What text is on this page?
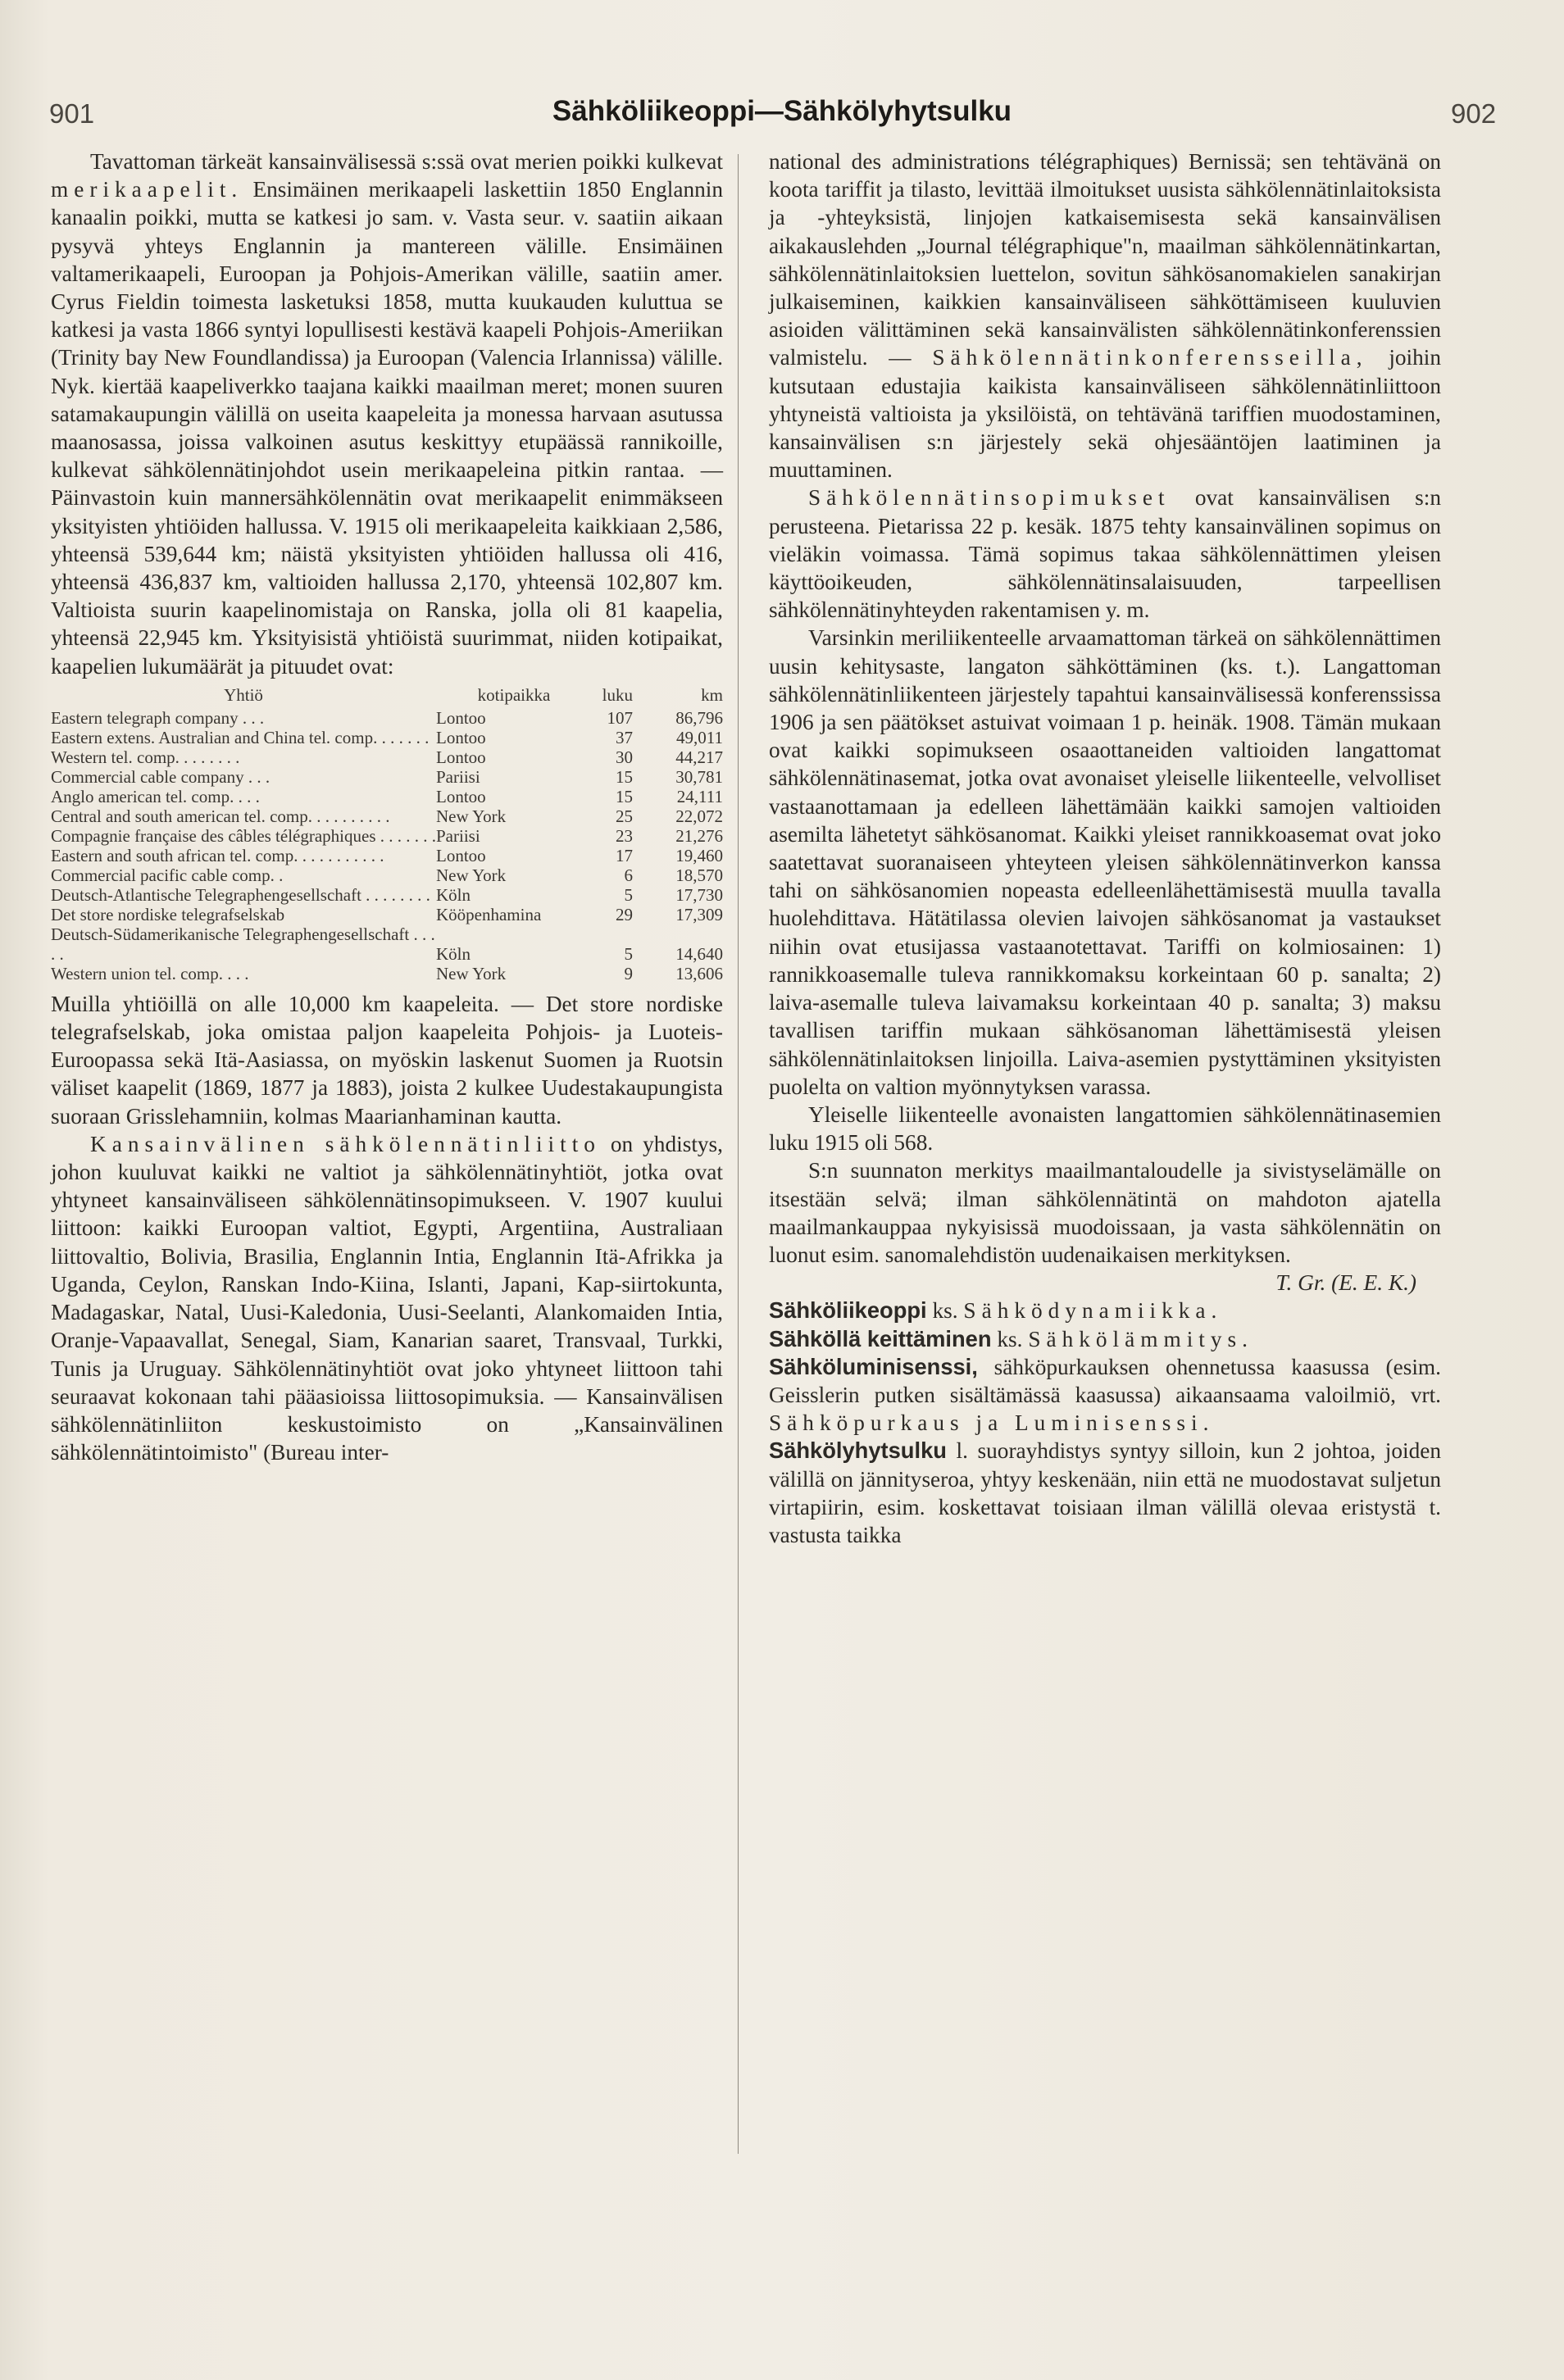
901	Sähköliikeoppi—Sähkölyhytsulku	902

Tavattoman tärkeät kansainvälisessä s:ssä ovat merien poikki kulkevat merikaapelit. Ensimäinen merikaapeli laskettiin 1850 Englannin kanaalin poikki, mutta se katkesi jo sam. v. Vasta seur. v. saatiin aikaan pysyvä yhteys Englannin ja mantereen välille. Ensimäinen valtamerikaapeli, Euroopan ja Pohjois-Amerikan välille, saatiin amer. Cyrus Fieldin toimesta lasketuksi 1858, mutta kuukauden kuluttua se katkesi ja vasta 1866 syntyi lopullisesti kestävä kaapeli Pohjois-Ameriikan (Trinity bay New Foundlandissa) ja Euroopan (Valencia Irlannissa) välille. Nyk. kiertää kaapeliverkko taajana kaikki maailman meret; monen suuren satamakaupungin välillä on useita kaapeleita ja monessa harvaan asutussa maanosassa, joissa valkoinen asutus keskittyy etupäässä rannikoille, kulkevat sähkölennätinjohdot usein merikaapeleina pitkin rantaa. — Päinvastoin kuin mannersähkölennätin ovat merikaapelit enimmäkseen yksityisten yhtiöiden hallussa. V. 1915 oli merikaapeleita kaikkiaan 2,586, yhteensä 539,644 km; näistä yksityisten yhtiöiden hallussa oli 416, yhteensä 436,837 km, valtioiden hallussa 2,170, yhteensä 102,807 km. Valtioista suurin kaapelinomistaja on Ranska, jolla oli 81 kaapelia, yhteensä 22,945 km. Yksityisistä yhtiöistä suurimmat, niiden kotipaikat, kaapelien lukumäärät ja pituudet ovat:

Yhtiö	kotipaikka	luku	km
Eastern telegraph company . . .	Lontoo	107	86,796
Eastern extens. Australian and China tel. comp. . . . . . .	Lontoo	37	49,011
Western tel. comp. . . . . . . .	Lontoo	30	44,217
Commercial cable company . . .	Pariisi	15	30,781
Anglo american tel. comp. . . .	Lontoo	15	24,111
Central and south american tel. comp. . . . . . . . . .	New York	25	22,072
Compagnie française des câbles télégraphiques . . . . . . .	Pariisi	23	21,276
Eastern and south african tel. comp. . . . . . . . . . .	Lontoo	17	19,460
Commercial pacific cable comp. .	New York	6	18,570
Deutsch-Atlantische Telegraphengesellschaft . . . . . . . .	Köln	5	17,730
Det store nordiske telegrafselskab	Kööpenhamina	29	17,309
Deutsch-Südamerikanische Telegraphengesellschaft . . . . .	Köln	5	14,640
Western union tel. comp. . . .	New York	9	13,606

Muilla yhtiöillä on alle 10,000 km kaapeleita. — Det store nordiske telegrafselskab, joka omistaa paljon kaapeleita Pohjois- ja Luoteis-Euroopassa sekä Itä-Aasiassa, on myöskin laskenut Suomen ja Ruotsin väliset kaapelit (1869, 1877 ja 1883), joista 2 kulkee Uudestakaupungista suoraan Grisslehamniin, kolmas Maarianhaminan kautta.

Kansainvälinen sähkölennätinliitto on yhdistys, johon kuuluvat kaikki ne valtiot ja sähkölennätinyhtiöt, jotka ovat yhtyneet kansainväliseen sähkölennätinsopimukseen. V. 1907 kuului liittoon: kaikki Euroopan valtiot, Egypti, Argentiina, Australiaan liittovaltio, Bolivia, Brasilia, Englannin Intia, Englannin Itä-Afrikka ja Uganda, Ceylon, Ranskan Indo-Kiina, Islanti, Japani, Kap-siirtokunta, Madagaskar, Natal, Uusi-Kaledonia, Uusi-Seelanti, Alankomaiden Intia, Oranje-Vapaavallat, Senegal, Siam, Kanarian saaret, Transvaal, Turkki, Tunis ja Uruguay. Sähkölennätinyhtiöt ovat joko yhtyneet liittoon tahi seuraavat kokonaan tahi pääasioissa liittosopimuksia. — Kansainvälisen sähkölennätinliiton keskustoimisto on „Kansainvälinen sähkölennätintoimisto" (Bureau inter-

national des administrations télégraphiques) Bernissä; sen tehtävänä on koota tariffit ja tilasto, levittää ilmoitukset uusista sähkölennätinlaitoksista ja -yhteyksistä, linjojen katkaisemisesta sekä kansainvälisen aikakauslehden „Journal télégraphique"n, maailman sähkölennätinkartan, sähkölennätinlaitoksien luettelon, sovitun sähkösanomakielen sanakirjan julkaiseminen, kaikkien kansainväliseen sähköttämiseen kuuluvien asioiden välittäminen sekä kansainvälisten sähkölennätinkonferenssien valmistelu. — Sähkölennätinkonferensseilla, joihin kutsutaan edustajia kaikista kansainväliseen sähkölennätinliittoon yhtyneistä valtioista ja yksilöistä, on tehtävänä tariffien muodostaminen, kansainvälisen s:n järjestely sekä ohjesääntöjen laatiminen ja muuttaminen.

Sähkölennätinsopimukset ovat kansainvälisen s:n perusteena. Pietarissa 22 p. kesäk. 1875 tehty kansainvälinen sopimus on vieläkin voimassa. Tämä sopimus takaa sähkölennättimen yleisen käyttöoikeuden, sähkölennätinsalaisuuden, tarpeellisen sähkölennätinyhteyden rakentamisen y. m.

Varsinkin meriliikenteelle arvaamattoman tärkeä on sähkölennättimen uusin kehitysaste, langaton sähköttäminen (ks. t.). Langattoman sähkölennätinliikenteen järjestely tapahtui kansainvälisessä konferenssissa 1906 ja sen päätökset astuivat voimaan 1 p. heinäk. 1908. Tämän mukaan ovat kaikki sopimukseen osaaottaneiden valtioiden langattomat sähkölennätinasemat, jotka ovat avonaiset yleiselle liikenteelle, velvolliset vastaanottamaan ja edelleen lähettämään kaikki samojen valtioiden asemilta lähetetyt sähkösanomat. Kaikki yleiset rannikkoasemat ovat joko saatettavat suoranaiseen yhteyteen yleisen sähkölennätinverkon kanssa tahi on sähkösanomien nopeasta edelleenlähettämisestä muulla tavalla huolehdittava. Hätätilassa olevien laivojen sähkösanomat ja vastaukset niihin ovat etusijassa vastaanotettavat. Tariffi on kolmiosainen: 1) rannikkoasemalle tuleva rannikkomaksu korkeintaan 60 p. sanalta; 2) laiva-asemalle tuleva laivamaksu korkeintaan 40 p. sanalta; 3) maksu tavallisen tariffin mukaan sähkösanoman lähettämisestä yleisen sähkölennätinlaitoksen linjoilla. Laiva-asemien pystyttäminen yksityisten puolelta on valtion myönnytyksen varassa.

Yleiselle liikenteelle avonaisten langattomien sähkölennätinasemien luku 1915 oli 568.

S:n suunnaton merkitys maailmantaloudelle ja sivistyselämälle on itsestään selvä; ilman sähkölennätintä on mahdoton ajatella maailmankauppaa nykyisissä muodoissaan, ja vasta sähkölennätin on luonut esim. sanomalehdistön uudenaikaisen merkityksen.
T. Gr. (E. E. K.)

Sähköliikeoppi ks. Sähködynamiikka.

Sähköllä keittäminen ks. Sähkölämmitys.

Sähköluminisenssi, sähköpurkauksen ohennetussa kaasussa (esim. Geisslerin putken sisältämässä kaasussa) aikaansaama valoilmiö, vrt. Sähköpurkaus ja Luminisenssi.

Sähkölyhytsulku l. suorayhdistys syntyy silloin, kun 2 johtoa, joiden välillä on jännityseroa, yhtyy keskenään, niin että ne muodostavat suljetun virtapiirin, esim. koskettavat toisiaan ilman välillä olevaa eristystä t. vastusta taikka
